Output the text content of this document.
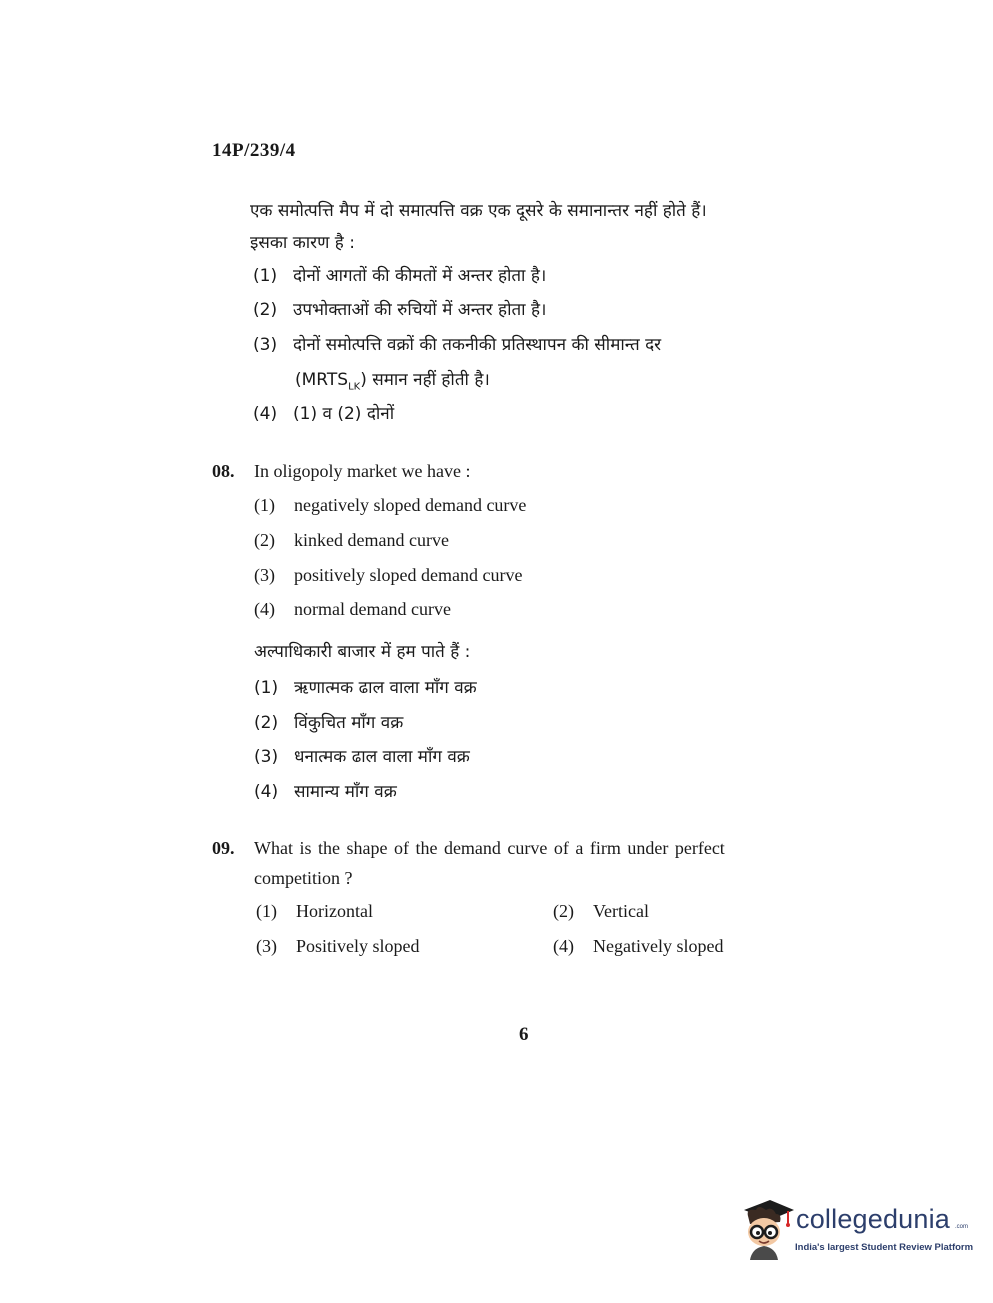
14P/239/4
एक समोत्पत्ति मैप में दो समात्पत्ति वक्र एक दूसरे के समानान्तर नहीं होते हैं।
इसका कारण है :
(1) दोनों आगतों की कीमतों में अन्तर होता है।
(2) उपभोक्ताओं की रुचियों में अन्तर होता है।
(3) दोनों समोत्पत्ति वक्रों की तकनीकी प्रतिस्थापन की सीमान्त दर
$(MRTS_{LK})$ समान नहीं होती है।
(4) (1) व (2) दोनों
08. In oligopoly market we have :
(1) negatively sloped demand curve
(2) kinked demand curve
(3) positively sloped demand curve
(4) normal demand curve
अल्पाधिकारी बाजार में हम पाते हैं :
(1) ऋणात्मक ढाल वाला माँग वक्र
(2) विंकुचित माँग वक्र
(3) धनात्मक ढाल वाला माँग वक्र
(4) सामान्य माँग वक्र
09. What is the shape of the demand curve of a firm under perfect
competition ?
(1) Horizontal	(2) Vertical
(3) Positively sloped	(4) Negatively sloped
6
collegedunia .com
India's largest Student Review Platform
